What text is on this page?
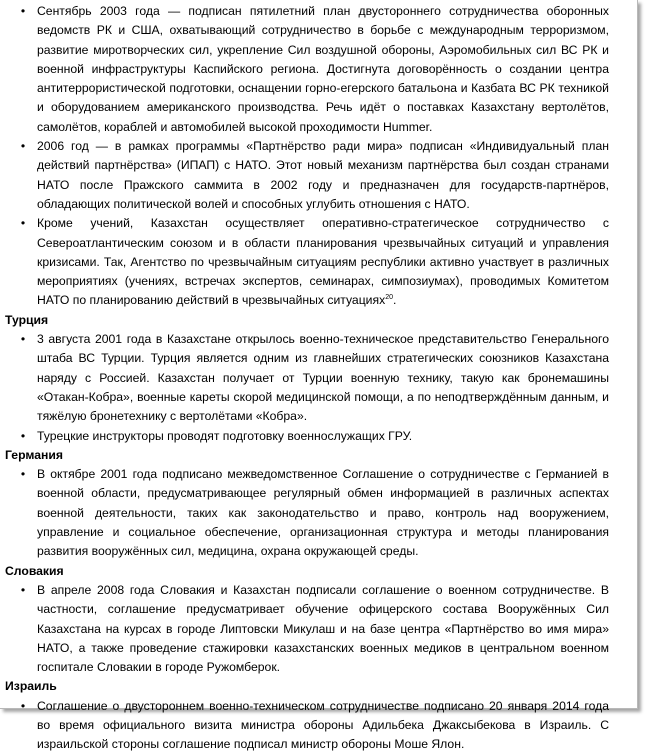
• Сентябрь 2003 года — подписан пятилетний план двустороннего сотрудничества оборонных ведомств РК и США, охватывающий сотрудничество в борьбе с международным терроризмом, развитие миротворческих сил, укрепление Сил воздушной обороны, Аэромобильных сил ВС РК и военной инфраструктуры Каспийского региона. Достигнута договорённость о создании центра антитеррористической подготовки, оснащении горно-егерского батальона и Казбата ВС РК техникой и оборудованием американского производства. Речь идёт о поставках Казахстану вертолётов, самолётов, кораблей и автомобилей высокой проходимости Hummer.
• 2006 год — в рамках программы «Партнёрство ради мира» подписан «Индивидуальный план действий партнёрства» (ИПАП) с НАТО. Этот новый механизм партнёрства был создан странами НАТО после Пражского саммита в 2002 году и предназначен для государств-партнёров, обладающих политической волей и способных углубить отношения с НАТО.
• Кроме учений, Казахстан осуществляет оперативно-стратегическое сотрудничество с Североатлантическим союзом и в области планирования чрезвычайных ситуаций и управления кризисами. Так, Агентство по чрезвычайным ситуациям республики активно участвует в различных мероприятиях (учениях, встречах экспертов, семинарах, симпозиумах), проводимых Комитетом НАТО по планированию действий в чрезвычайных ситуациях$^{20}$.
Турция
• 3 августа 2001 года в Казахстане открылось военно-техническое представительство Генерального штаба ВС Турции. Турция является одним из главнейших стратегических союзников Казахстана наряду с Россией. Казахстан получает от Турции военную технику, такую как бронемашины «Отакан-Кобра», военные кареты скорой медицинской помощи, а по неподтверждённым данным, и тяжёлую бронетехнику с вертолётами «Кобра».
• Турецкие инструкторы проводят подготовку военнослужащих ГРУ.
Германия
• В октябре 2001 года подписано межведомственное Соглашение о сотрудничестве с Германией в военной области, предусматривающее регулярный обмен информацией в различных аспектах военной деятельности, таких как законодательство и право, контроль над вооружением, управление и социальное обеспечение, организационная структура и методы планирования развития вооружённых сил, медицина, охрана окружающей среды.
Словакия
• В апреле 2008 года Словакия и Казахстан подписали соглашение о военном сотрудничестве. В частности, соглашение предусматривает обучение офицерского состава Вооружённых Сил Казахстана на курсах в городе Липтовски Микулаш и на базе центра «Партнёрство во имя мира» НАТО, а также проведение стажировки казахстанских военных медиков в центральном военном госпитале Словакии в городе Ружомберок.
Израиль
• Соглашение о двустороннем военно-техническом сотрудничестве подписано 20 января 2014 года во время официального визита министра обороны Адильбека Джаксыбекова в Израиль. С израильской стороны соглашение подписал министр обороны Моше Ялон.
